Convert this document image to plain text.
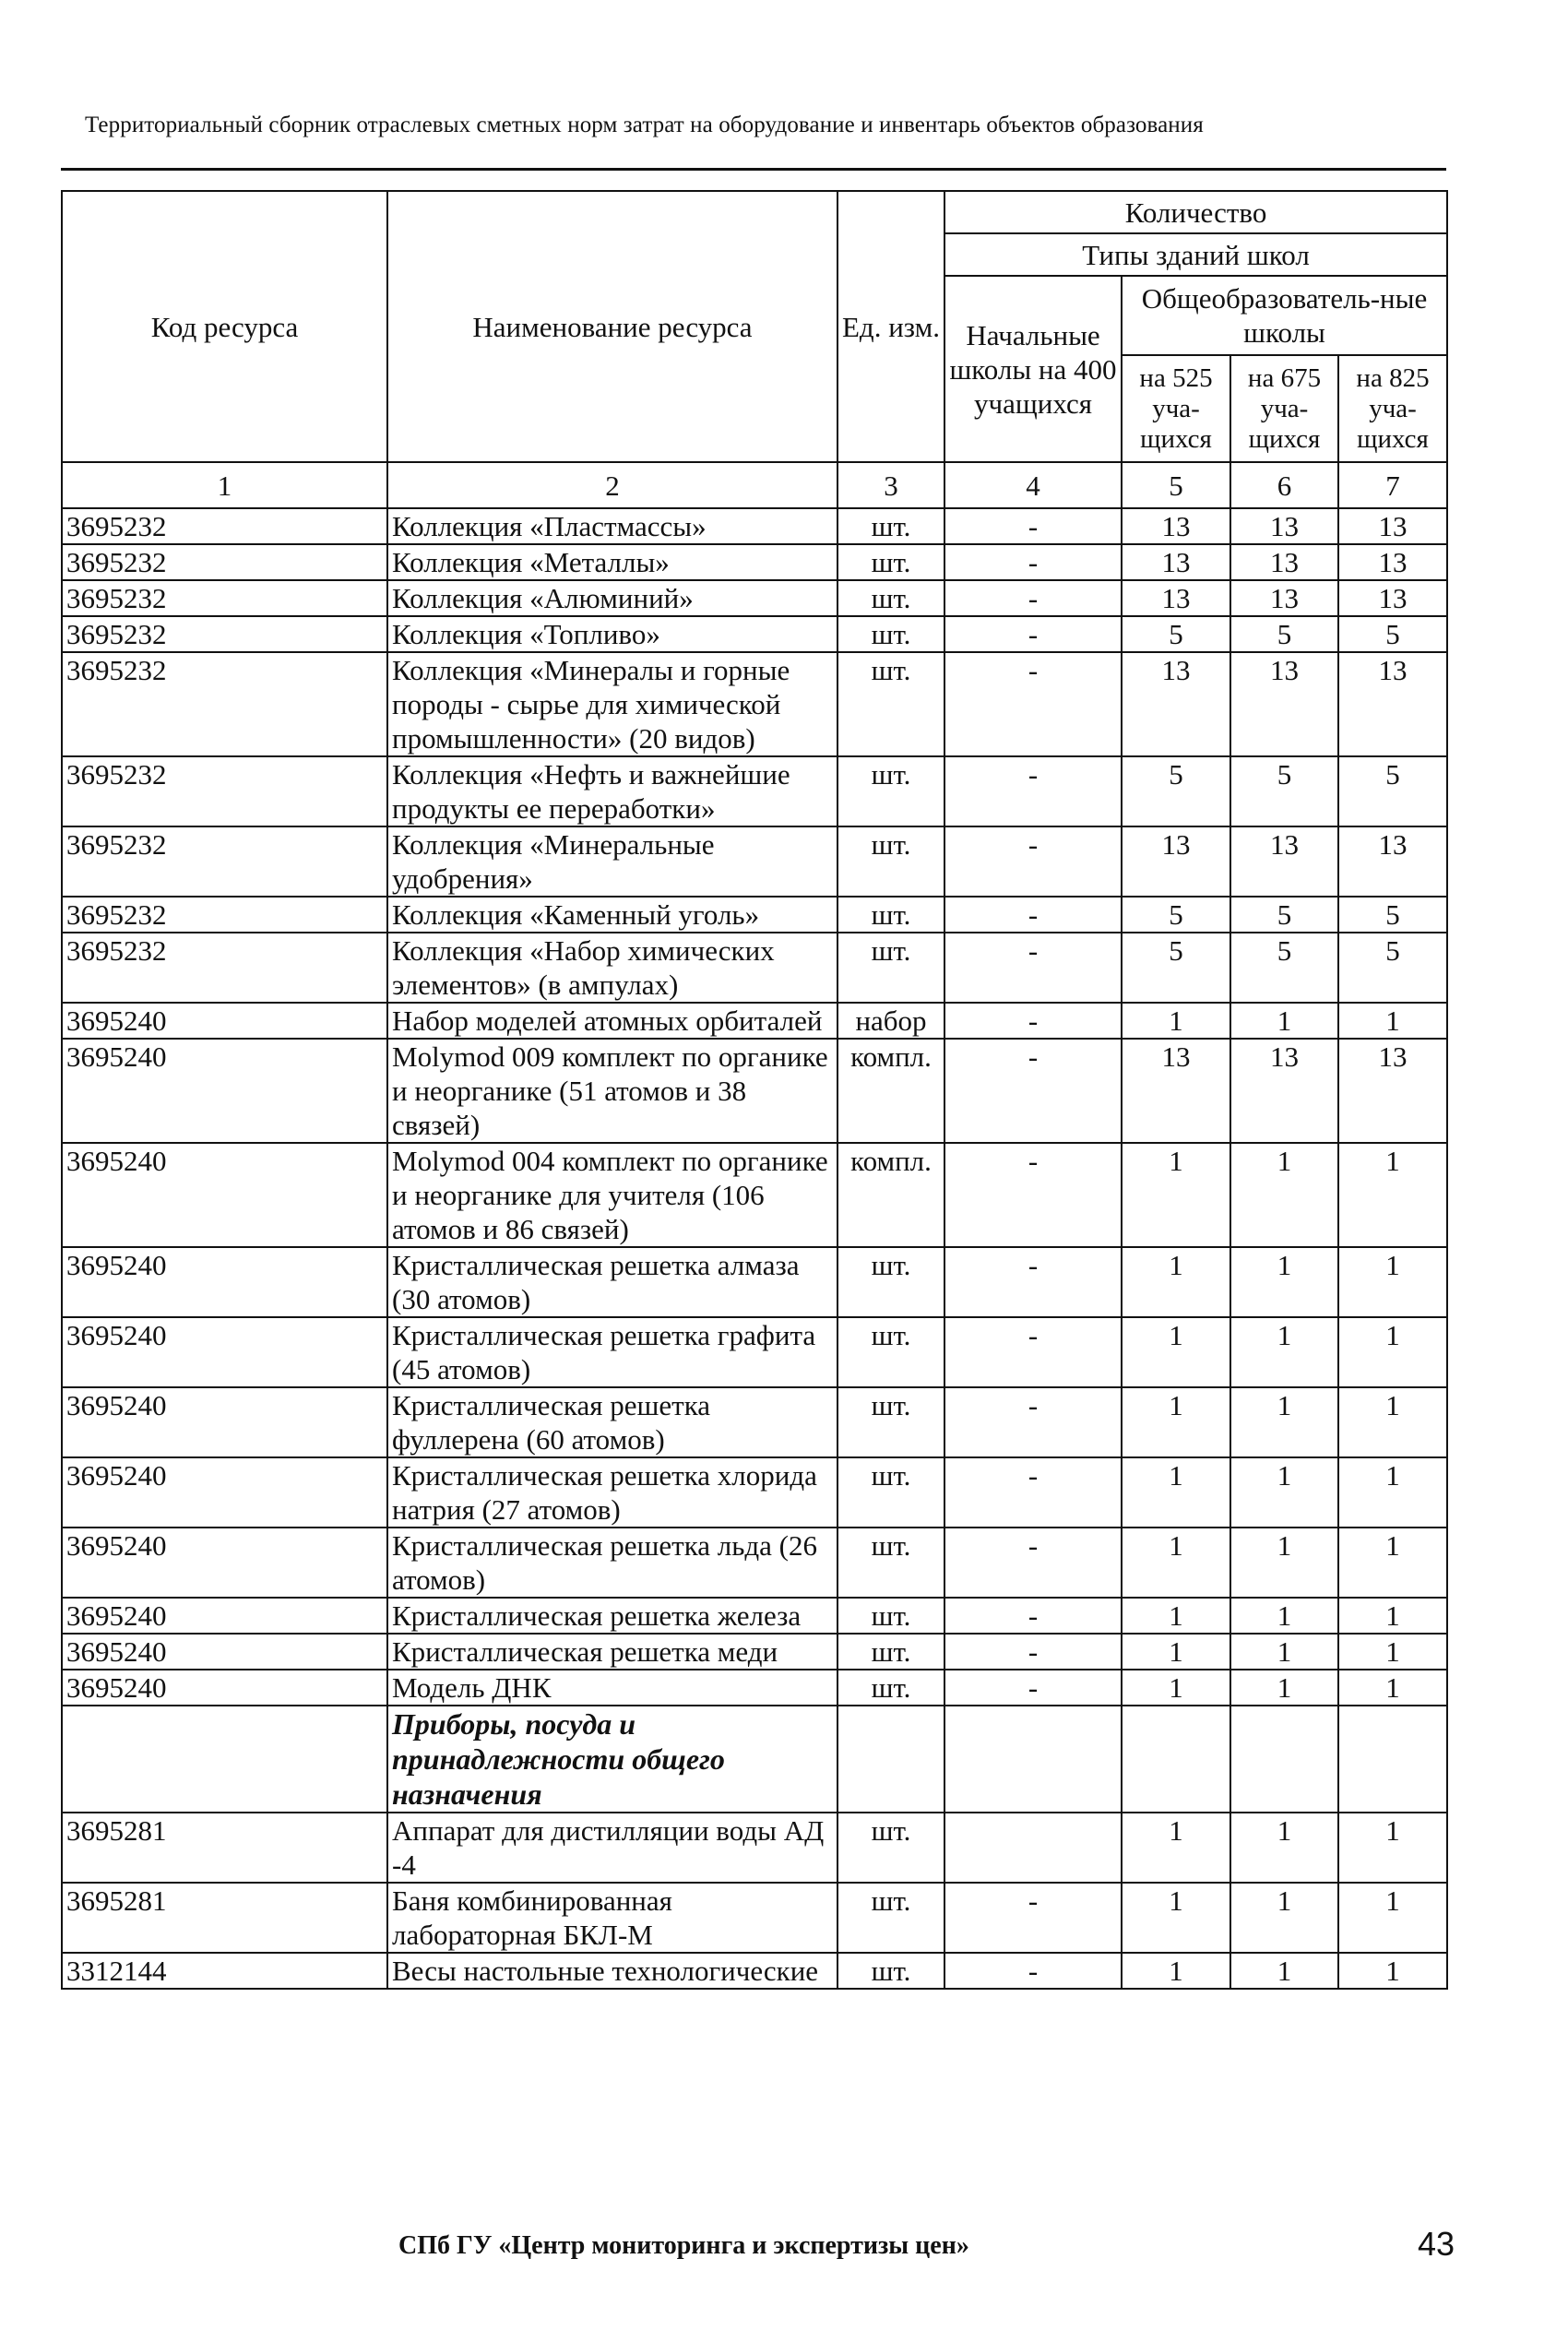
Территориальный сборник отраслевых сметных норм затрат на оборудование и инвентарь объектов образования
Код ресурса	Наименование ресурса	Ед. изм.	Количество			
			Типы зданий школ			
			Начальные школы на 400 учащихся	Общеобразователь-ные школы		
				на 525 уча-щихся	на 675 уча-щихся	на 825 уча-щихся
1	2	3	4	5	6	7
3695232	Коллекция «Пластмассы»	шт.	-	13	13	13
3695232	Коллекция «Металлы»	шт.	-	13	13	13
3695232	Коллекция «Алюминий»	шт.	-	13	13	13
3695232	Коллекция «Топливо»	шт.	-	5	5	5
3695232	Коллекция «Минералы и горные породы - сырье для химической промышленности» (20 видов)	шт.	-	13	13	13
3695232	Коллекция «Нефть и важнейшие продукты ее переработки»	шт.	-	5	5	5
3695232	Коллекция «Минеральные удобрения»	шт.	-	13	13	13
3695232	Коллекция «Каменный уголь»	шт.	-	5	5	5
3695232	Коллекция «Набор химических элементов» (в ампулах)	шт.	-	5	5	5
3695240	Набор моделей атомных орбиталей	набор	-	1	1	1
3695240	Molymod 009 комплект по органике и неорганике (51 атомов и 38 связей)	компл.	-	13	13	13
3695240	Molymod 004 комплект по органике и неорганике для учителя (106 атомов и 86 связей)	компл.	-	1	1	1
3695240	Кристаллическая решетка алмаза (30 атомов)	шт.	-	1	1	1
3695240	Кристаллическая решетка графита (45 атомов)	шт.	-	1	1	1
3695240	Кристаллическая решетка фуллерена (60 атомов)	шт.	-	1	1	1
3695240	Кристаллическая решетка хлорида натрия (27 атомов)	шт.	-	1	1	1
3695240	Кристаллическая решетка льда (26 атомов)	шт.	-	1	1	1
3695240	Кристаллическая решетка железа	шт.	-	1	1	1
3695240	Кристаллическая решетка меди	шт.	-	1	1	1
3695240	Модель ДНК	шт.	-	1	1	1
	Приборы, посуда и принадлежности общего назначения					
3695281	Аппарат для дистилляции воды АД -4	шт.		1	1	1
3695281	Баня комбинированная лабораторная БКЛ-М	шт.	-	1	1	1
3312144	Весы настольные технологические	шт.	-	1	1	1
СПб ГУ «Центр мониторинга и экспертизы цен»	43
